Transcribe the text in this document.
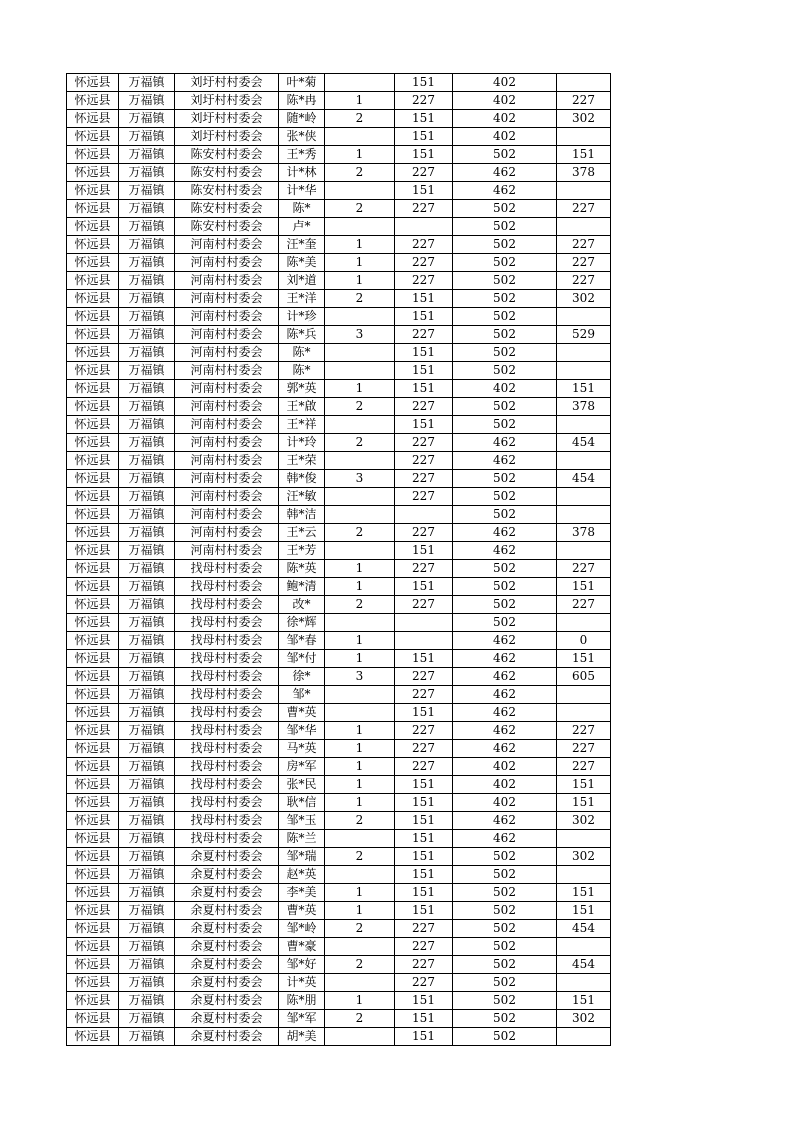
怀远县	万福镇	刘圩村村委会	叶*菊		151	402	
怀远县	万福镇	刘圩村村委会	陈*冉	1	227	402	227
怀远县	万福镇	刘圩村村委会	随*岭	2	151	402	302
怀远县	万福镇	刘圩村村委会	张*侠		151	402	
怀远县	万福镇	陈安村村委会	王*秀	1	151	502	151
怀远县	万福镇	陈安村村委会	计*林	2	227	462	378
怀远县	万福镇	陈安村村委会	计*华		151	462	
怀远县	万福镇	陈安村村委会	陈*	2	227	502	227
怀远县	万福镇	陈安村村委会	卢*			502	
怀远县	万福镇	河南村村委会	汪*奎	1	227	502	227
怀远县	万福镇	河南村村委会	陈*美	1	227	502	227
怀远县	万福镇	河南村村委会	刘*道	1	227	502	227
怀远县	万福镇	河南村村委会	王*洋	2	151	502	302
怀远县	万福镇	河南村村委会	计*珍		151	502	
怀远县	万福镇	河南村村委会	陈*兵	3	227	502	529
怀远县	万福镇	河南村村委会	陈*		151	502	
怀远县	万福镇	河南村村委会	陈*		151	502	
怀远县	万福镇	河南村村委会	郭*英	1	151	402	151
怀远县	万福镇	河南村村委会	王*啟	2	227	502	378
怀远县	万福镇	河南村村委会	王*祥		151	502	
怀远县	万福镇	河南村村委会	计*玲	2	227	462	454
怀远县	万福镇	河南村村委会	王*荣		227	462	
怀远县	万福镇	河南村村委会	韩*俊	3	227	502	454
怀远县	万福镇	河南村村委会	汪*敏		227	502	
怀远县	万福镇	河南村村委会	韩*洁			502	
怀远县	万福镇	河南村村委会	王*云	2	227	462	378
怀远县	万福镇	河南村村委会	王*芳		151	462	
怀远县	万福镇	找母村村委会	陈*英	1	227	502	227
怀远县	万福镇	找母村村委会	鲍*清	1	151	502	151
怀远县	万福镇	找母村村委会	改*	2	227	502	227
怀远县	万福镇	找母村村委会	徐*辉			502	
怀远县	万福镇	找母村村委会	邹*春	1		462	0
怀远县	万福镇	找母村村委会	邹*付	1	151	462	151
怀远县	万福镇	找母村村委会	徐*	3	227	462	605
怀远县	万福镇	找母村村委会	邹*		227	462	
怀远县	万福镇	找母村村委会	曹*英		151	462	
怀远县	万福镇	找母村村委会	邹*华	1	227	462	227
怀远县	万福镇	找母村村委会	马*英	1	227	462	227
怀远县	万福镇	找母村村委会	房*军	1	227	402	227
怀远县	万福镇	找母村村委会	张*民	1	151	402	151
怀远县	万福镇	找母村村委会	耿*信	1	151	402	151
怀远县	万福镇	找母村村委会	邹*玉	2	151	462	302
怀远县	万福镇	找母村村委会	陈*兰		151	462	
怀远县	万福镇	余夏村村委会	邹*瑞	2	151	502	302
怀远县	万福镇	余夏村村委会	赵*英		151	502	
怀远县	万福镇	余夏村村委会	李*美	1	151	502	151
怀远县	万福镇	余夏村村委会	曹*英	1	151	502	151
怀远县	万福镇	余夏村村委会	邹*岭	2	227	502	454
怀远县	万福镇	余夏村村委会	曹*豪		227	502	
怀远县	万福镇	余夏村村委会	邹*好	2	227	502	454
怀远县	万福镇	余夏村村委会	计*英		227	502	
怀远县	万福镇	余夏村村委会	陈*朋	1	151	502	151
怀远县	万福镇	余夏村村委会	邹*军	2	151	502	302
怀远县	万福镇	余夏村村委会	胡*美		151	502	
